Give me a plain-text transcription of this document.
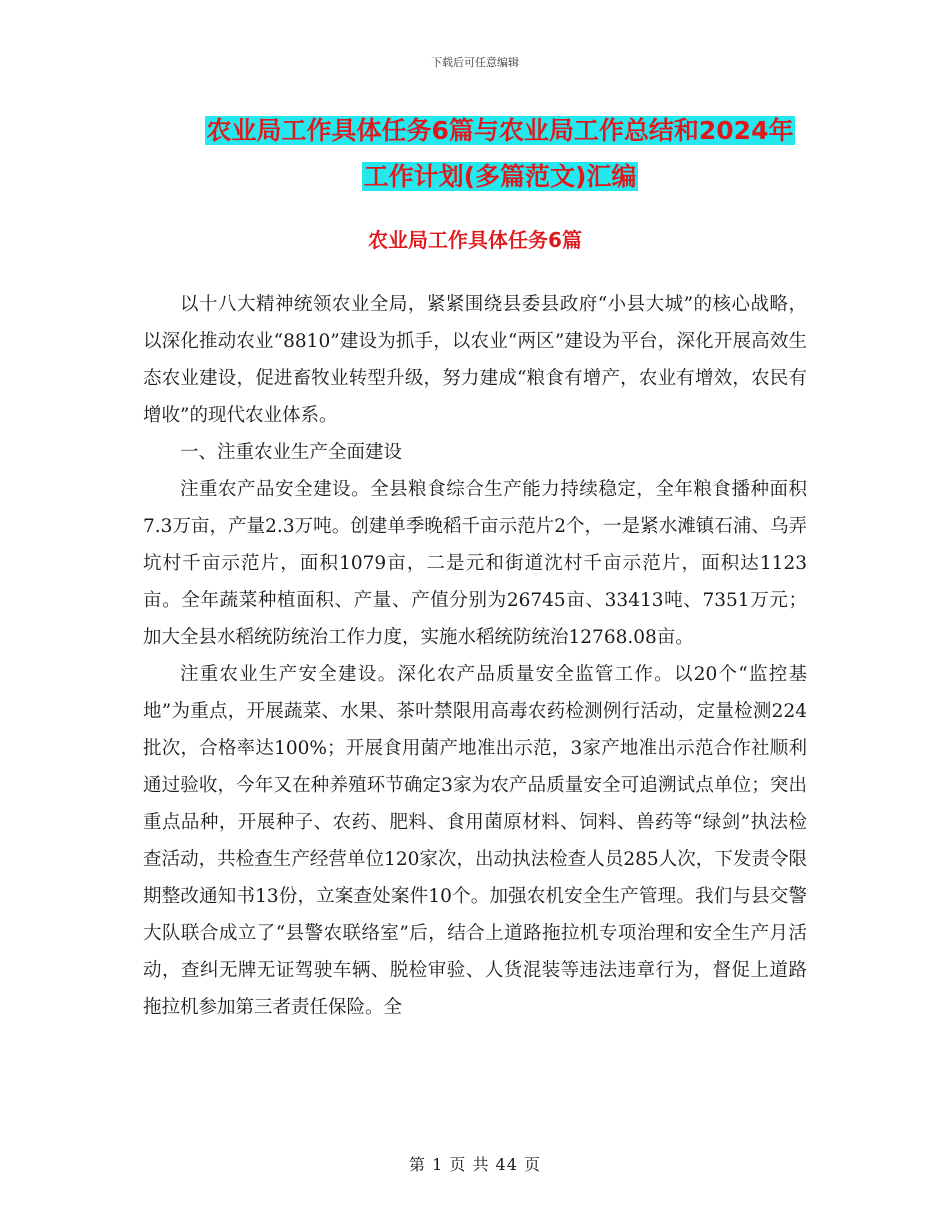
下载后可任意编辑
农业局工作具体任务6篇与农业局工作总结和2024年
工作计划(多篇范文)汇编
农业局工作具体任务6篇

以十八大精神统领农业全局，紧紧围绕县委县政府“小县大城”的核心战略，以深化推动农业“8810”建设为抓手，以农业“两区”建设为平台，深化开展高效生态农业建设，促进畜牧业转型升级，努力建成“粮食有增产，农业有增效，农民有增收”的现代农业体系。

一、注重农业生产全面建设

注重农产品安全建设。全县粮食综合生产能力持续稳定，全年粮食播种面积7.3万亩，产量2.3万吨。创建单季晚稻千亩示范片2个，一是紧水滩镇石浦、乌弄坑村千亩示范片，面积1079亩，二是元和街道沈村千亩示范片，面积达1123亩。全年蔬菜种植面积、产量、产值分别为26745亩、33413吨、7351万元；加大全县水稻统防统治工作力度，实施水稻统防统治12768.08亩。

注重农业生产安全建设。深化农产品质量安全监管工作。以20个“监控基地”为重点，开展蔬菜、水果、茶叶禁限用高毒农药检测例行活动，定量检测224批次，合格率达100%；开展食用菌产地准出示范，3家产地准出示范合作社顺利通过验收，今年又在种养殖环节确定3家为农产品质量安全可追溯试点单位；突出重点品种，开展种子、农药、肥料、食用菌原材料、饲料、兽药等“绿剑”执法检查活动，共检查生产经营单位120家次，出动执法检查人员285人次，下发责令限期整改通知书13份，立案查处案件10个。加强农机安全生产管理。我们与县交警大队联合成立了“县警农联络室”后，结合上道路拖拉机专项治理和安全生产月活动，查纠无牌无证驾驶车辆、脱检审验、人货混装等违法违章行为，督促上道路拖拉机参加第三者责任保险。全

第 1 页 共 44 页
